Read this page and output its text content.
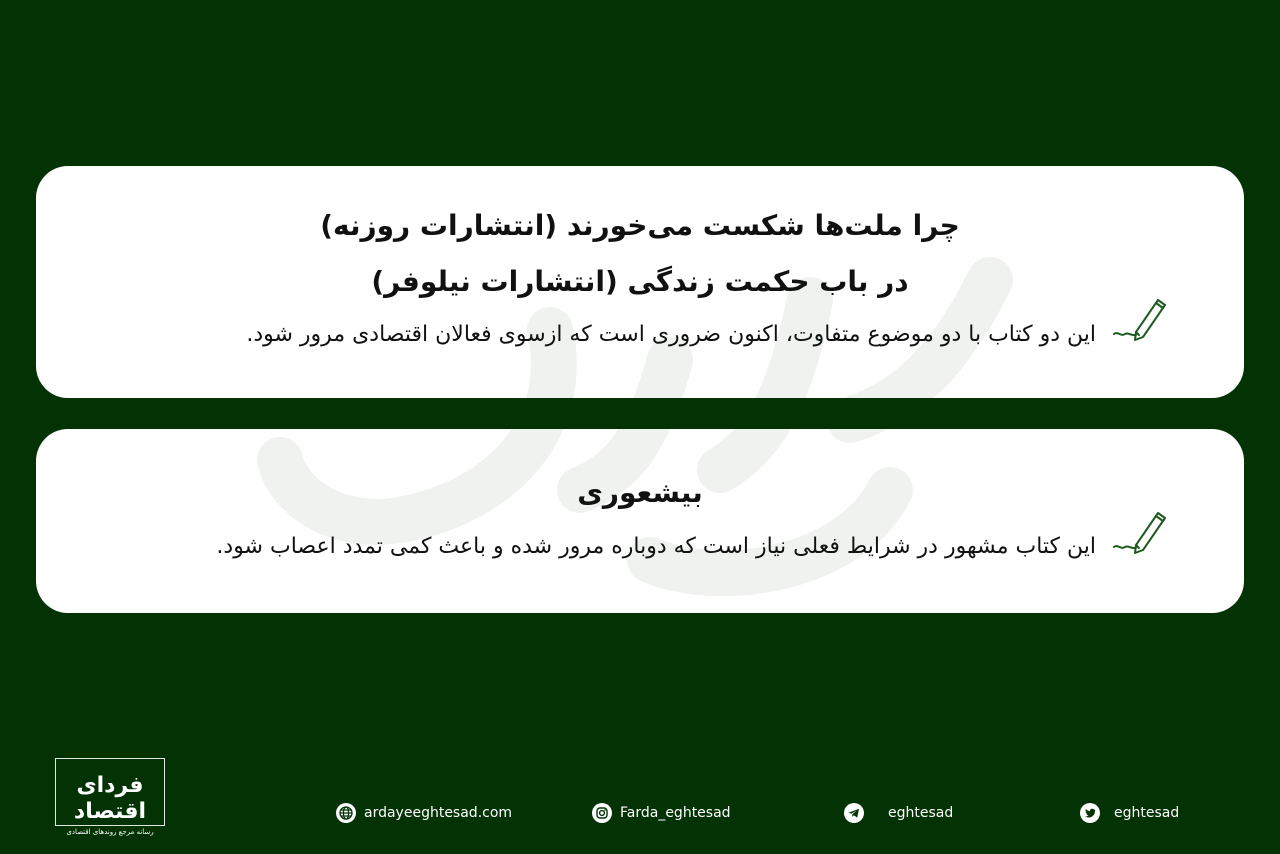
چرا ملت‌ها شکست می‌خورند (انتشارات روزنه)

در باب حکمت زندگی (انتشارات نیلوفر)

این دو کتاب با دو موضوع متفاوت، اکنون ضروری است که ازسوی فعالان اقتصادی مرور شود.

بیشعوری

این کتاب مشهور در شرایط فعلی نیاز است که دوباره مرور شده و باعث کمی تمدد اعصاب شود.

فردای اقتصاد
رسانه مرجع روندهای اقتصادی
ardayeeghtesad.com	Farda_eghtesad	eghtesad	eghtesad
